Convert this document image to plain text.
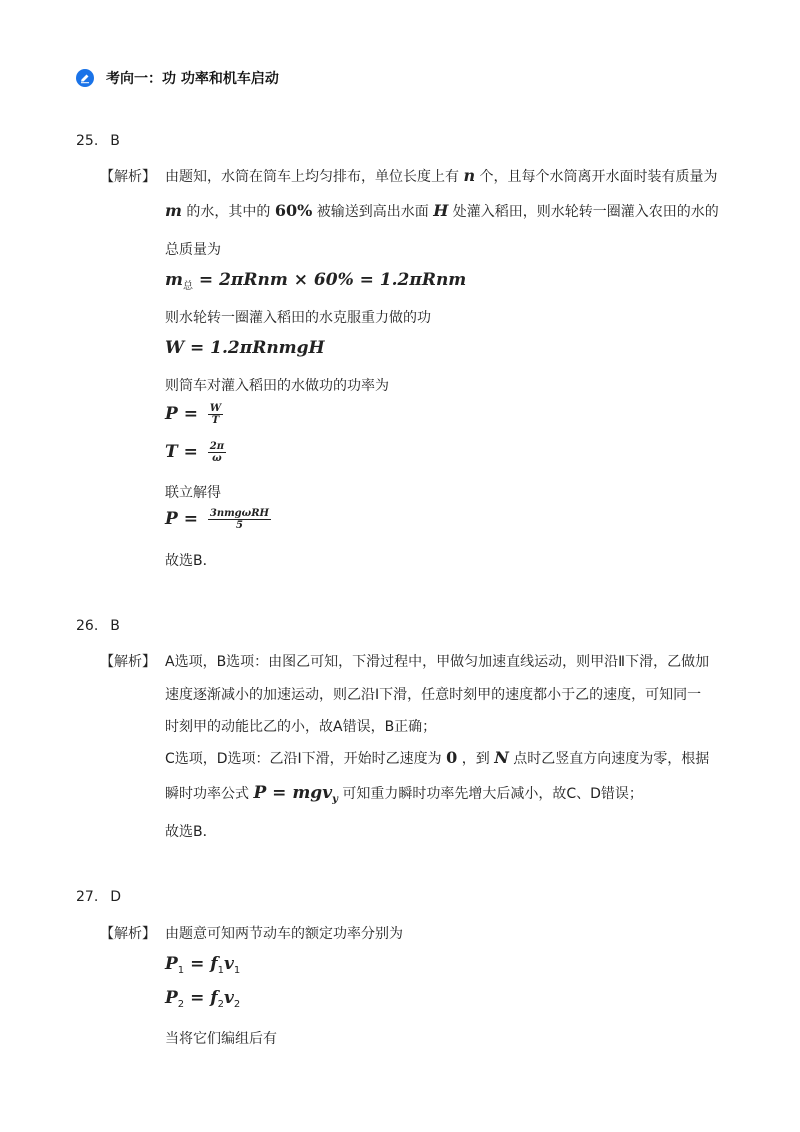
考向一：功 功率和机车启动
25. B
【解析】 由题知，水筒在筒车上均匀排布，单位长度上有 n 个，且每个水筒离开水面时装有质量为
m 的水，其中的 60% 被输送到高出水面 H 处灌入稻田，则水轮转一圈灌入农田的水的
总质量为
$m_总 = 2\pi Rnm \times 60\% = 1.2\pi Rnm$
则水轮转一圈灌入稻田的水克服重力做的功
W = 1.2πRnmgH
则筒车对灌入稻田的水做功的功率为
$P = \frac{W}{T}$
$T = \frac{2\pi}{\omega}$
联立解得
$P = \frac{\text{3nmgωRH}}{5}$
故选B．
26. B
【解析】 A选项，B选项：由图乙可知，下滑过程中，甲做匀加速直线运动，则甲沿Ⅱ下滑，乙做加
速度逐渐减小的加速运动，则乙沿Ⅰ下滑，任意时刻甲的速度都小于乙的速度，可知同一
时刻甲的动能比乙的小，故A错误，B正确；
C选项，D选项：乙沿Ⅰ下滑，开始时乙速度为 0 ，到 N 点时乙竖直方向速度为零，根据
瞬时功率公式 P = mgv$_y$ 可知重力瞬时功率先增大后减小，故C、D错误；
故选B．
27. D
【解析】 由题意可知两节动车的额定功率分别为
$P_1 = f_1v_1$
$P_2 = f_2v_2$
当将它们编组后有
